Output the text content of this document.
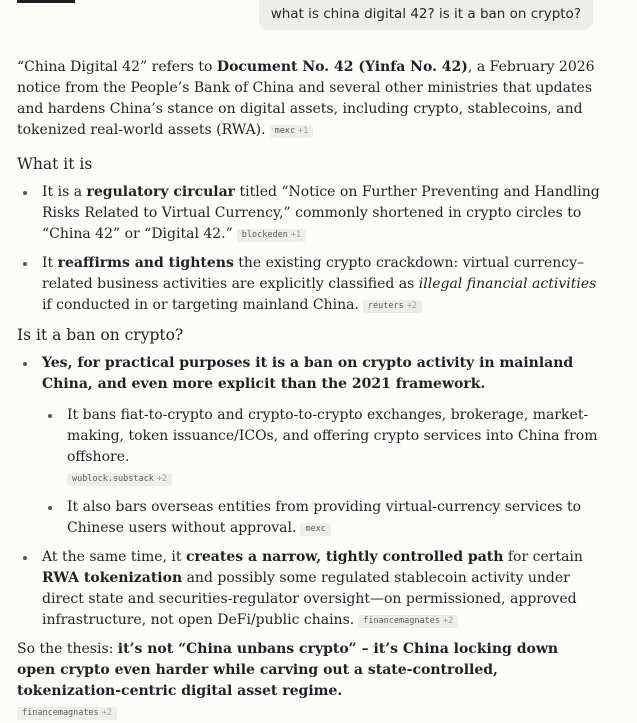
what is china digital 42? is it a ban on crypto?

“China Digital 42” refers to Document No. 42 (Yinfa No. 42), a February 2026 notice from the People’s Bank of China and several other ministries that updates and hardens China’s stance on digital assets, including crypto, stablecoins, and tokenized real-world assets (RWA). mexc +1

What it is
It is a regulatory circular titled “Notice on Further Preventing and Handling Risks Related to Virtual Currency,” commonly shortened in crypto circles to “China 42” or “Digital 42.” blockeden +1
It reaffirms and tightens the existing crypto crackdown: virtual currency–related business activities are explicitly classified as illegal financial activities if conducted in or targeting mainland China. reuters +2
Is it a ban on crypto?
Yes, for practical purposes it is a ban on crypto activity in mainland China, and even more explicit than the 2021 framework.
It bans fiat-to-crypto and crypto-to-crypto exchanges, brokerage, market-making, token issuance/ICOs, and offering crypto services into China from offshore.
wublock.substack +2
It also bars overseas entities from providing virtual-currency services to Chinese users without approval. mexc
At the same time, it creates a narrow, tightly controlled path for certain RWA tokenization and possibly some regulated stablecoin activity under direct state and securities-regulator oversight—on permissioned, approved infrastructure, not open DeFi/public chains. financemagnates +2

So the thesis: it’s not “China unbans crypto” – it’s China locking down open crypto even harder while carving out a state-controlled, tokenization-centric digital asset regime.
financemagnates +2
